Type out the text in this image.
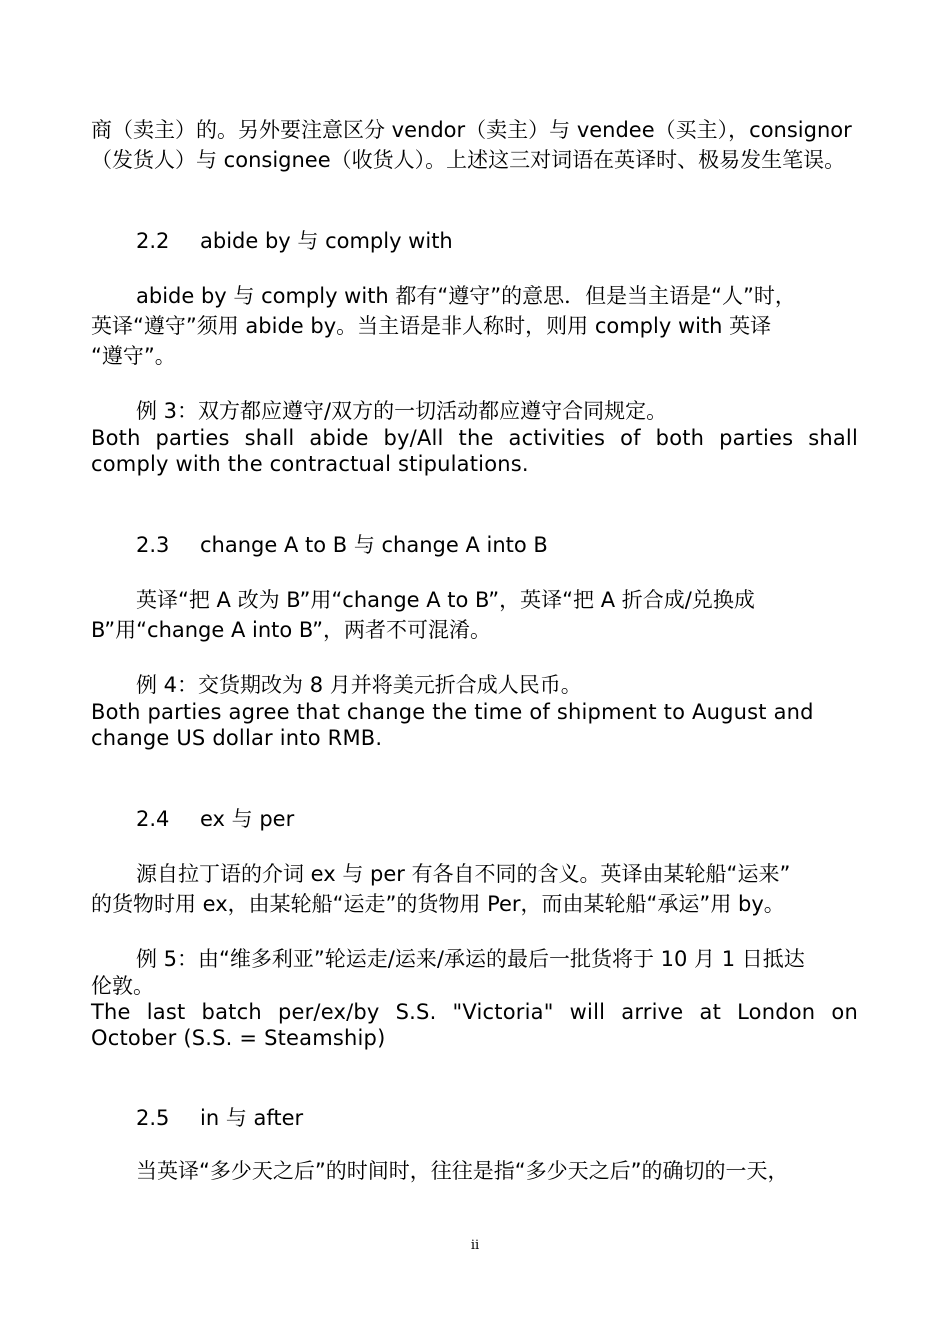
商（卖主）的。另外要注意区分 vendor（卖主）与 vendee（买主），consignor
（发货人）与 consignee（收货人）。上述这三对词语在英译时、极易发生笔误。
2.2 abide by 与 comply with
abide by 与 comply with 都有“遵守”的意思．但是当主语是“人”时，
英译“遵守”须用 abide by。当主语是非人称时，则用 comply with 英译
“遵守”。
例 3：双方都应遵守/双方的一切活动都应遵守合同规定。
Both parties shall abide by/All the activities of both parties shall
comply with the contractual stipulations.
2.3 change A to B 与 change A into B
英译“把 A 改为 B”用“change A to B”，英译“把 A 折合成/兑换成
B”用“change A into B”，两者不可混淆。
例 4：交货期改为 8 月并将美元折合成人民币。
Both parties agree that change the time of shipment to August and
change US dollar into RMB.
2.4 ex 与 per
源自拉丁语的介词 ex 与 per 有各自不同的含义。英译由某轮船“运来”
的货物时用 ex，由某轮船“运走”的货物用 Per，而由某轮船“承运”用 by。
例 5：由“维多利亚”轮运走/运来/承运的最后一批货将于 10 月 1 日抵达
伦敦。
The last batch per/ex/by S.S. "Victoria" will arrive at London on
October (S.S. = Steamship)
2.5 in 与 after
当英译“多少天之后”的时间时，往往是指“多少天之后”的确切的一天，
ii
